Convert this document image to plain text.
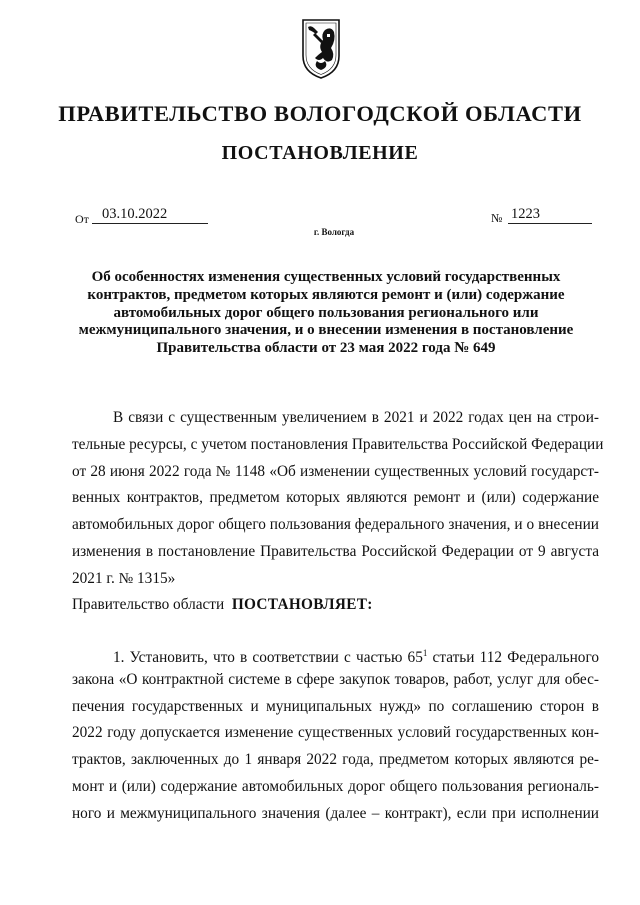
ПРАВИТЕЛЬСТВО ВОЛОГОДСКОЙ ОБЛАСТИ
ПОСТАНОВЛЕНИЕ
От 03.10.2022	№ 1223
г. Вологда
Об особенностях изменения существенных условий государственных
контрактов, предметом которых являются ремонт и (или) содержание
автомобильных дорог общего пользования регионального или
межмуниципального значения, и о внесении изменения в постановление
Правительства области от 23 мая 2022 года № 649
В связи с существенным увеличением в 2021 и 2022 годах цен на строи-
тельные ресурсы, с учетом постановления Правительства Российской Федерации
от 28 июня 2022 года № 1148 «Об изменении существенных условий государст-
венных контрактов, предметом которых являются ремонт и (или) содержание
автомобильных дорог общего пользования федерального значения, и о внесении
изменения в постановление Правительства Российской Федерации от 9 августа
2021 г. № 1315»
Правительство области ПОСТАНОВЛЯЕТ:
1. Установить, что в соответствии с частью $65^1$ статьи 112 Федерального
закона «О контрактной системе в сфере закупок товаров, работ, услуг для обес-
печения государственных и муниципальных нужд» по соглашению сторон в
2022 году допускается изменение существенных условий государственных кон-
трактов, заключенных до 1 января 2022 года, предметом которых являются ре-
монт и (или) содержание автомобильных дорог общего пользования региональ-
ного и межмуниципального значения (далее – контракт), если при исполнении
